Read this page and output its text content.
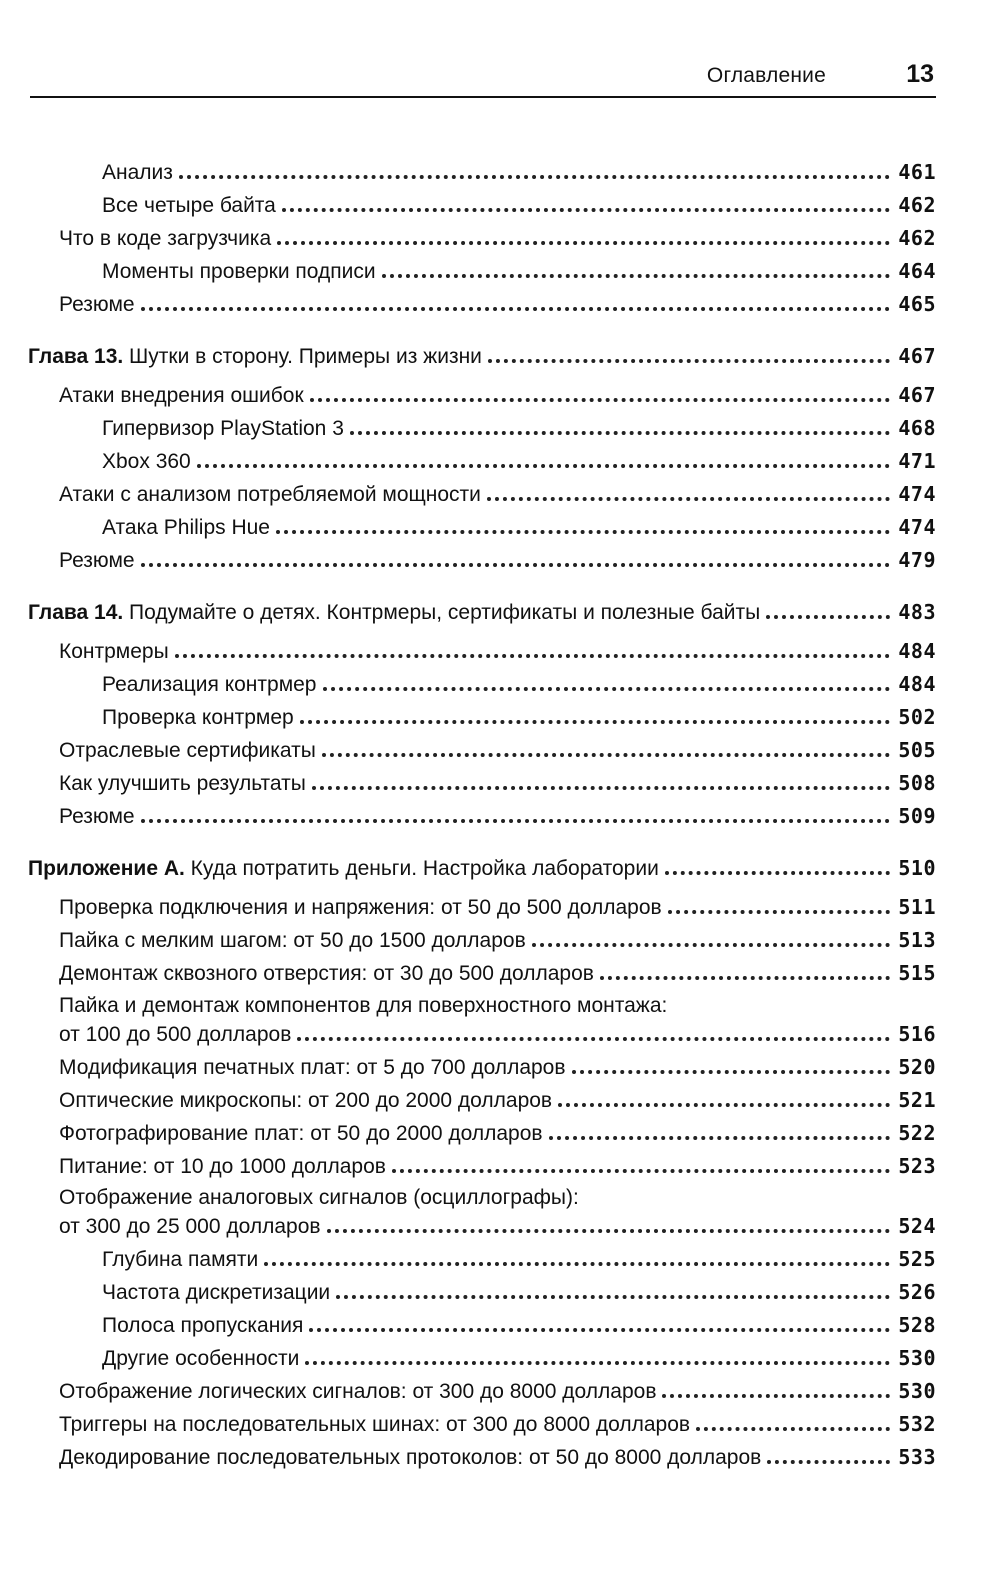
Оглавление	13
Анализ	461
Все четыре байта	462
Что в коде загрузчика	462
Моменты проверки подписи	464
Резюме	465
Глава 13. Шутки в сторону. Примеры из жизни	467
Атаки внедрения ошибок	467
Гипервизор PlayStation 3	468
Xbox 360	471
Атаки с анализом потребляемой мощности	474
Атака Philips Hue	474
Резюме	479
Глава 14. Подумайте о детях. Контрмеры, сертификаты и полезные байты	483
Контрмеры	484
Реализация контрмер	484
Проверка контрмер	502
Отраслевые сертификаты	505
Как улучшить результаты	508
Резюме	509
Приложение А. Куда потратить деньги. Настройка лаборатории	510
Проверка подключения и напряжения: от 50 до 500 долларов	511
Пайка с мелким шагом: от 50 до 1500 долларов	513
Демонтаж сквозного отверстия: от 30 до 500 долларов	515
Пайка и демонтаж компонентов для поверхностного монтажа:
от 100 до 500 долларов	516
Модификация печатных плат: от 5 до 700 долларов	520
Оптические микроскопы: от 200 до 2000 долларов	521
Фотографирование плат: от 50 до 2000 долларов	522
Питание: от 10 до 1000 долларов	523
Отображение аналоговых сигналов (осциллографы):
от 300 до 25 000 долларов	524
Глубина памяти	525
Частота дискретизации	526
Полоса пропускания	528
Другие особенности	530
Отображение логических сигналов: от 300 до 8000 долларов	530
Триггеры на последовательных шинах: от 300 до 8000 долларов	532
Декодирование последовательных протоколов: от 50 до 8000 долларов	533
